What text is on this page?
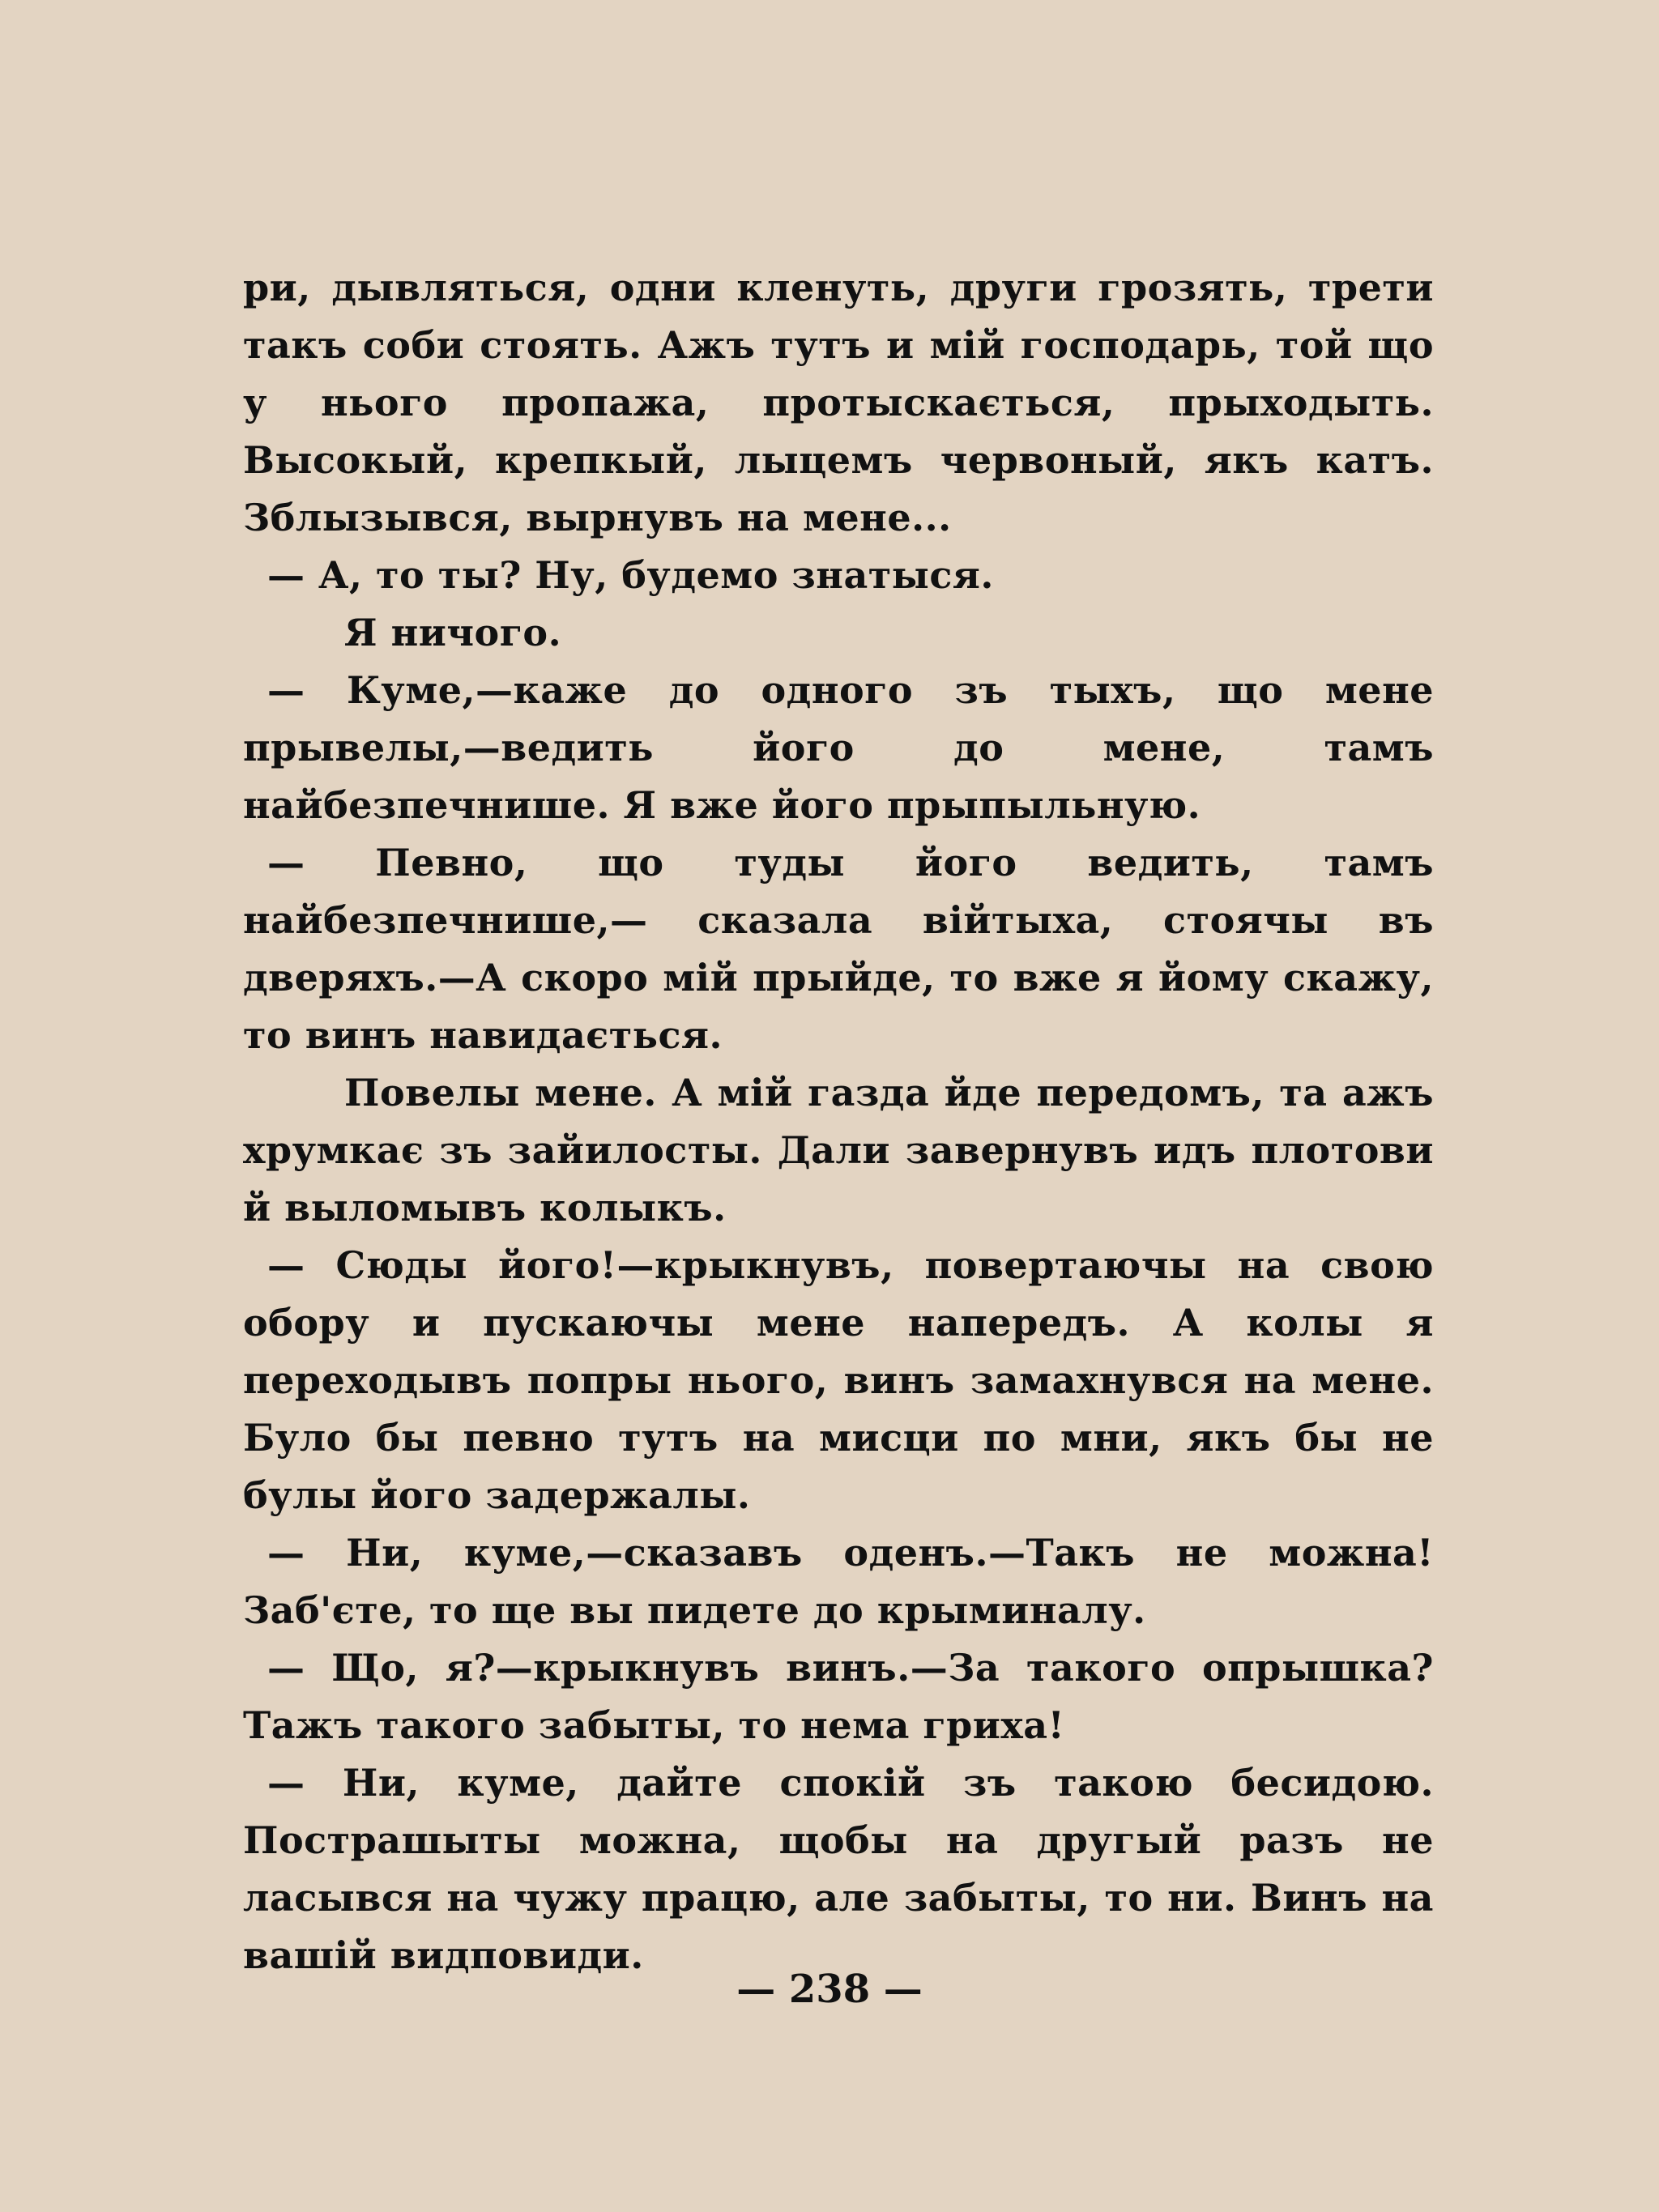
ри, дывляться, одни кленуть, други грозять, трети такъ соби стоять. Ажъ тутъ и мій господарь, той що у нього пропажа, протыскається, прыходыть. Высокый, крепкый, лыцемъ червоный, якъ катъ. Зблызывся, вырнувъ на мене...

— А, то ты? Ну, будемо знатыся.

Я ничого.

— Куме,—каже до одного зъ тыхъ, що мене прывелы,—ведить його до мене, тамъ найбезпечнише. Я вже його прыпыльную.

— Певно, що туды його ведить, тамъ найбезпечнише,— сказала війтыха, стоячы въ дверяхъ.—А скоро мій прыйде, то вже я йому скажу, то винъ навидається.

Повелы мене. А мій газда йде передомъ, та ажъ хрумкає зъ зайилосты. Дали завернувъ идъ плотови й выломывъ колыкъ.

— Сюды його!—крыкнувъ, повертаючы на свою обору и пускаючы мене напередъ. А колы я переходывъ попры нього, винъ замахнувся на мене. Було бы певно тутъ на мисци по мни, якъ бы не булы його задержалы.

— Ни, куме,—сказавъ оденъ.—Такъ не можна! Заб'єте, то ще вы пидете до крыминалу.

— Що, я?—крыкнувъ винъ.—За такого опрышка? Тажъ такого забыты, то нема гриха!

— Ни, куме, дайте спокій зъ такою бесидою. Пострашыты можна, щобы на другый разъ не ласывся на чужу працю, але забыты, то ни. Винъ на вашій видповиди.

— 238 —
